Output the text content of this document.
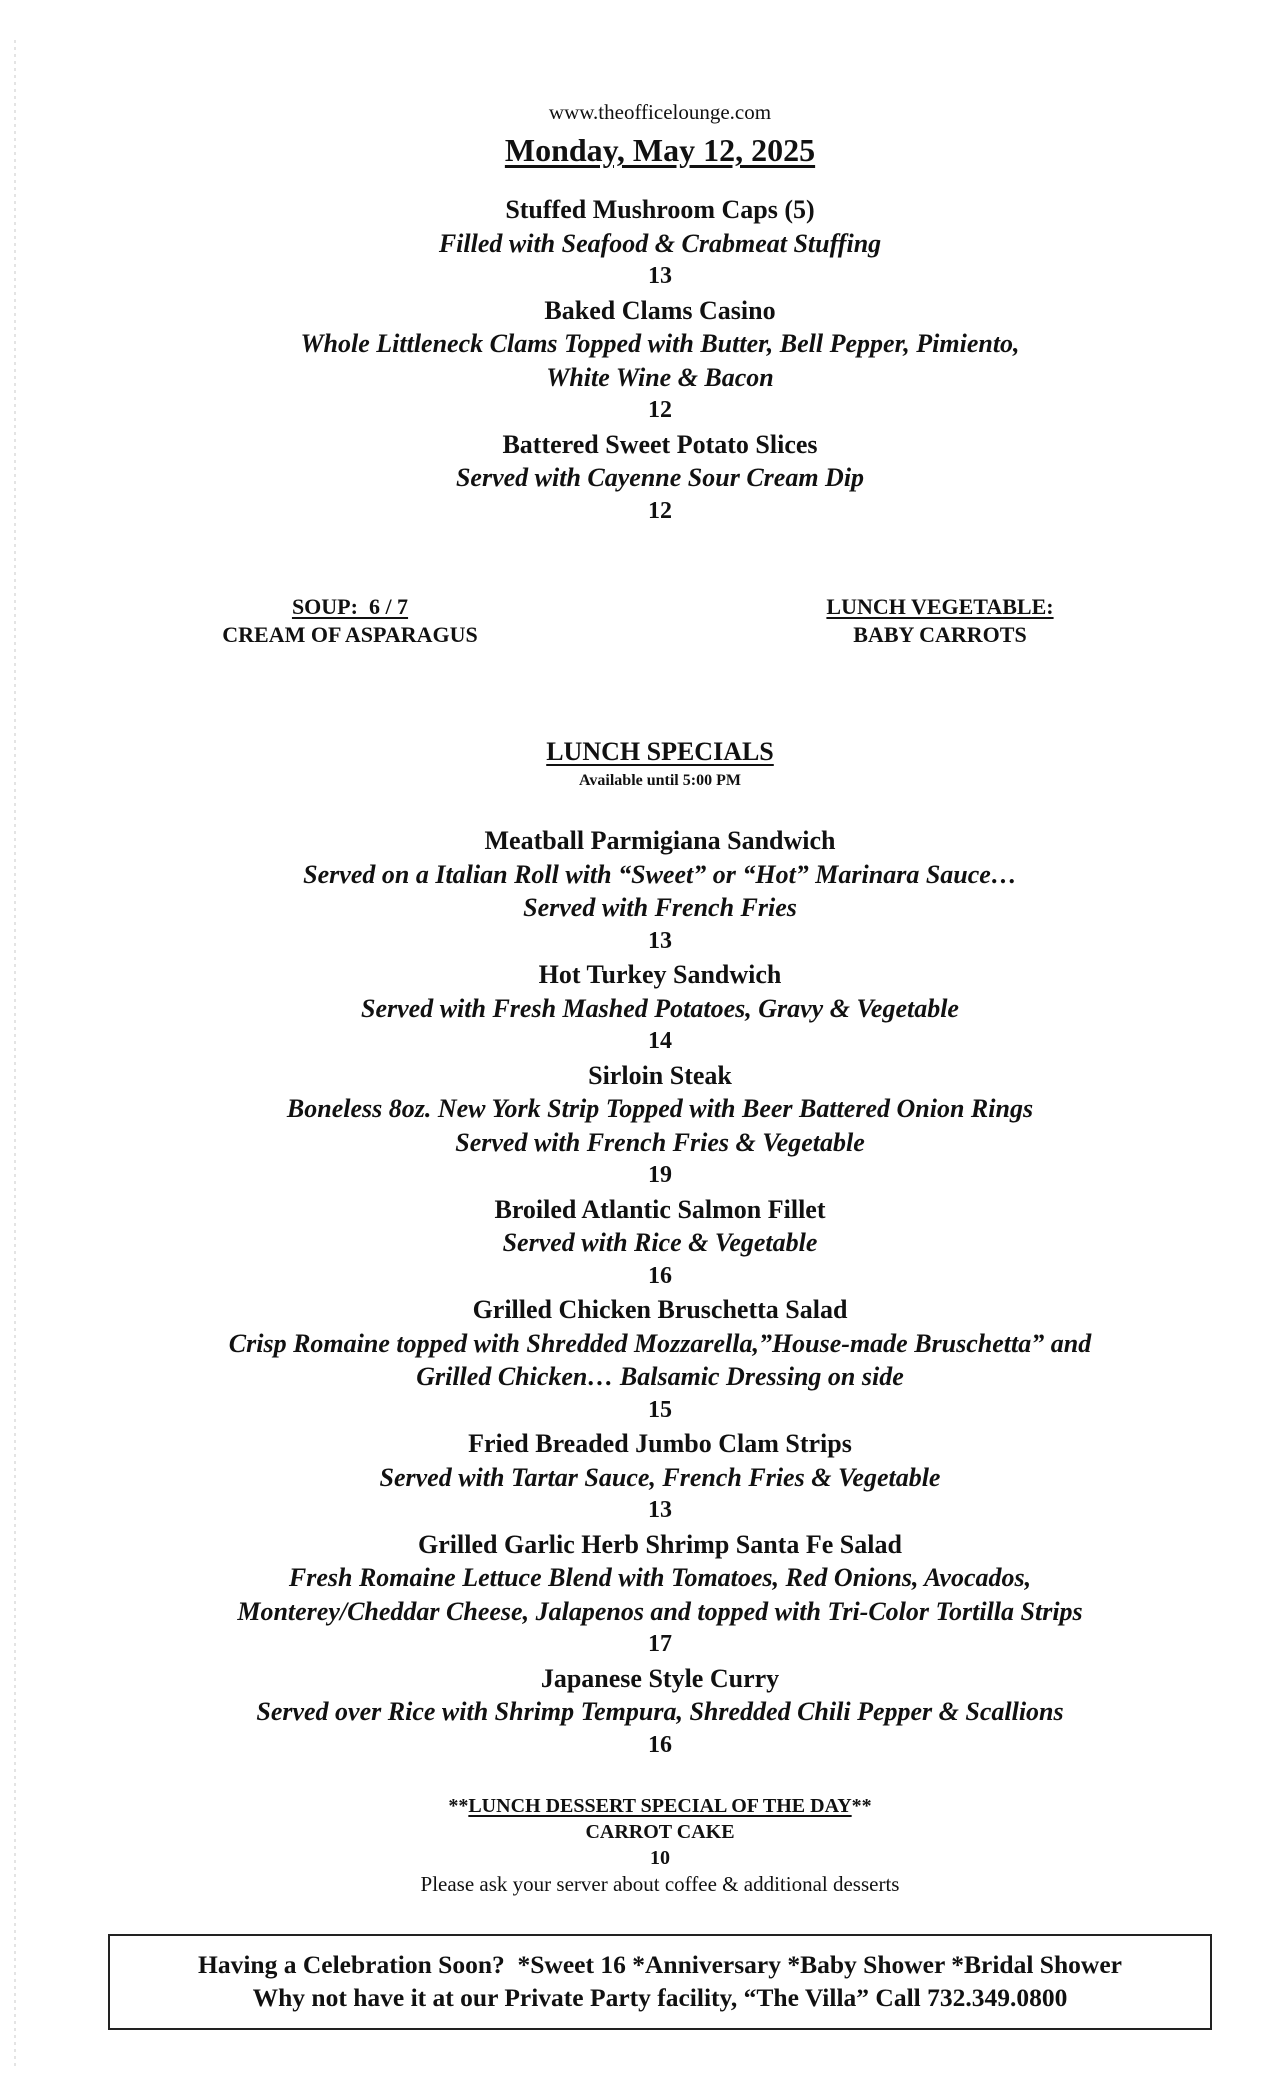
www.theofficelounge.com
Monday, May 12, 2025
Stuffed Mushroom Caps (5)
Filled with Seafood & Crabmeat Stuffing
13
Baked Clams Casino
Whole Littleneck Clams Topped with Butter, Bell Pepper, Pimiento,
White Wine & Bacon
12
Battered Sweet Potato Slices
Served with Cayenne Sour Cream Dip
12
SOUP:  6 / 7
CREAM OF ASPARAGUS
LUNCH VEGETABLE:
BABY CARROTS
LUNCH SPECIALS
Available until 5:00 PM
Meatball Parmigiana Sandwich
Served on a Italian Roll with “Sweet” or “Hot” Marinara Sauce…
Served with French Fries
13
Hot Turkey Sandwich
Served with Fresh Mashed Potatoes, Gravy & Vegetable
14
Sirloin Steak
Boneless 8oz. New York Strip Topped with Beer Battered Onion Rings
Served with French Fries & Vegetable
19
Broiled Atlantic Salmon Fillet
Served with Rice & Vegetable
16
Grilled Chicken Bruschetta Salad
Crisp Romaine topped with Shredded Mozzarella,”House-made Bruschetta” and
Grilled Chicken… Balsamic Dressing on side
15
Fried Breaded Jumbo Clam Strips
Served with Tartar Sauce, French Fries & Vegetable
13
Grilled Garlic Herb Shrimp Santa Fe Salad
Fresh Romaine Lettuce Blend with Tomatoes, Red Onions, Avocados,
Monterey/Cheddar Cheese, Jalapenos and topped with Tri-Color Tortilla Strips
17
Japanese Style Curry
Served over Rice with Shrimp Tempura, Shredded Chili Pepper & Scallions
16
**LUNCH DESSERT SPECIAL OF THE DAY**
CARROT CAKE
10
Please ask your server about coffee & additional desserts
Having a Celebration Soon?  *Sweet 16 *Anniversary *Baby Shower *Bridal Shower
Why not have it at our Private Party facility, “The Villa” Call 732.349.0800
